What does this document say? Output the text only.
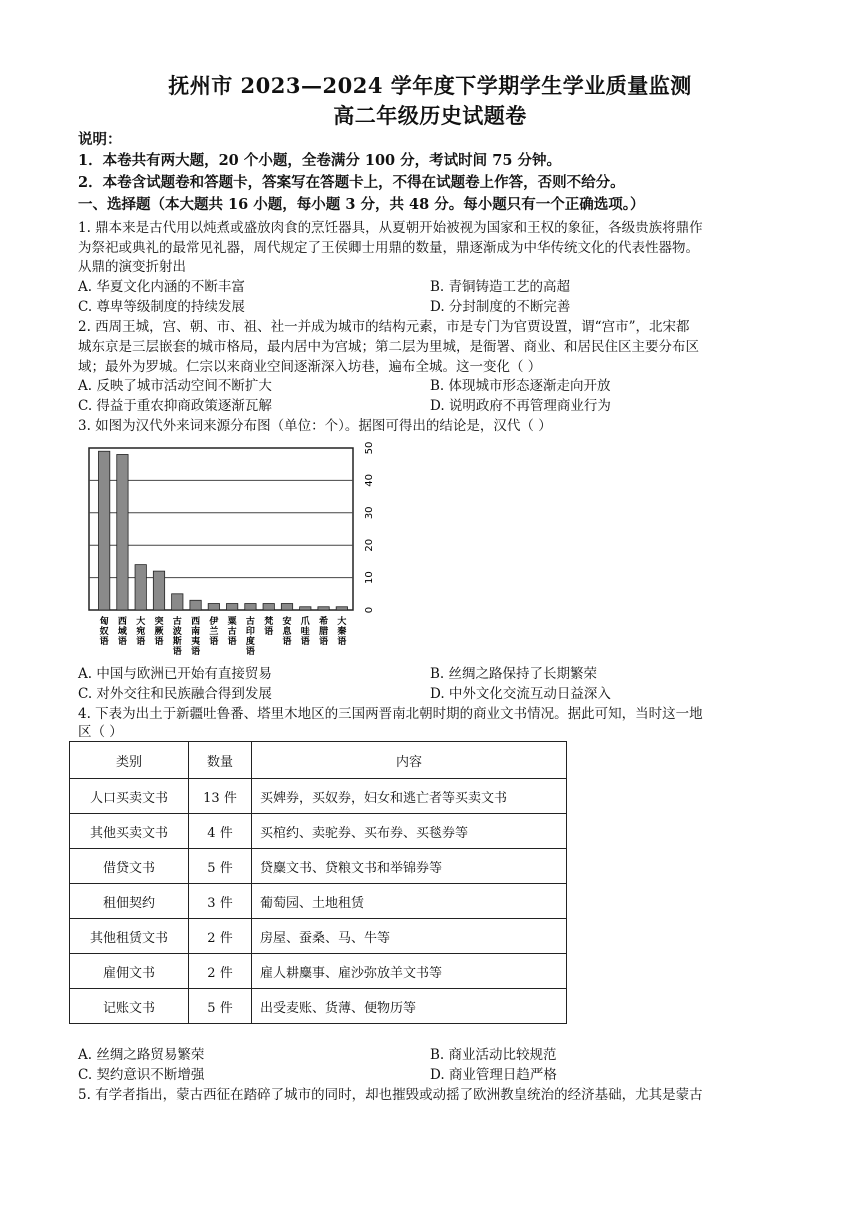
抚州市 2023—2024 学年度下学期学生学业质量监测
高二年级历史试题卷
说明：
1．本卷共有两大题，20 个小题，全卷满分 100 分，考试时间 75 分钟。
2．本卷含试题卷和答题卡，答案写在答题卡上，不得在试题卷上作答，否则不给分。
一、选择题（本大题共 16 小题，每小题 3 分，共 48 分。每小题只有一个正确选项。）
1. 鼎本来是古代用以炖煮或盛放肉食的烹饪器具，从夏朝开始被视为国家和王权的象征，各级贵族将鼎作
为祭祀或典礼的最常见礼器，周代规定了王侯卿士用鼎的数量，鼎逐渐成为中华传统文化的代表性器物。
从鼎的演变折射出
A. 华夏文化内涵的不断丰富	B. 青铜铸造工艺的高超
C. 尊卑等级制度的持续发展	D. 分封制度的不断完善
2. 西周王城，宫、朝、市、祖、社一并成为城市的结构元素，市是专门为官贾设置，谓“宫市”，北宋都
城东京是三层嵌套的城市格局，最内居中为宫城；第二层为里城，是衙署、商业、和居民住区主要分布区
域；最外为罗城。仁宗以来商业空间逐渐深入坊巷，遍布全城。这一变化（ ）
A. 反映了城市活动空间不断扩大	B. 体现城市形态逐渐走向开放
C. 得益于重农抑商政策逐渐瓦解	D. 说明政府不再管理商业行为
3. 如图为汉代外来词来源分布图（单位：个）。据图可得出的结论是，汉代（ ）
0
10
20
30
40
50
匈奴语
西域语
大宛语
突厥语
古波斯语
西南夷语
伊兰语
粟古语
古印度语
梵语
安息语
爪哇语
希腊语
大秦语
A. 中国与欧洲已开始有直接贸易	B. 丝绸之路保持了长期繁荣
C. 对外交往和民族融合得到发展	D. 中外文化交流互动日益深入
4. 下表为出土于新疆吐鲁番、塔里木地区的三国两晋南北朝时期的商业文书情况。据此可知，当时这一地
区（ ）
类别	数量	内容
人口买卖文书	13 件	买婢券，买奴券，妇女和逃亡者等买卖文书
其他买卖文书	4 件	买棺约、卖驼券、买布券、买毯券等
借贷文书	5 件	贷麋文书、贷粮文书和举锦券等
租佃契约	3 件	葡萄园、土地租赁
其他租赁文书	2 件	房屋、蚕桑、马、牛等
雇佣文书	2 件	雇人耕麋事、雇沙弥放羊文书等
记账文书	5 件	出受麦账、货薄、便物历等
A. 丝绸之路贸易繁荣	B. 商业活动比较规范
C. 契约意识不断增强	D. 商业管理日趋严格
5. 有学者指出，蒙古西征在踏碎了城市的同时，却也摧毁或动摇了欧洲教皇统治的经济基础，尤其是蒙古
